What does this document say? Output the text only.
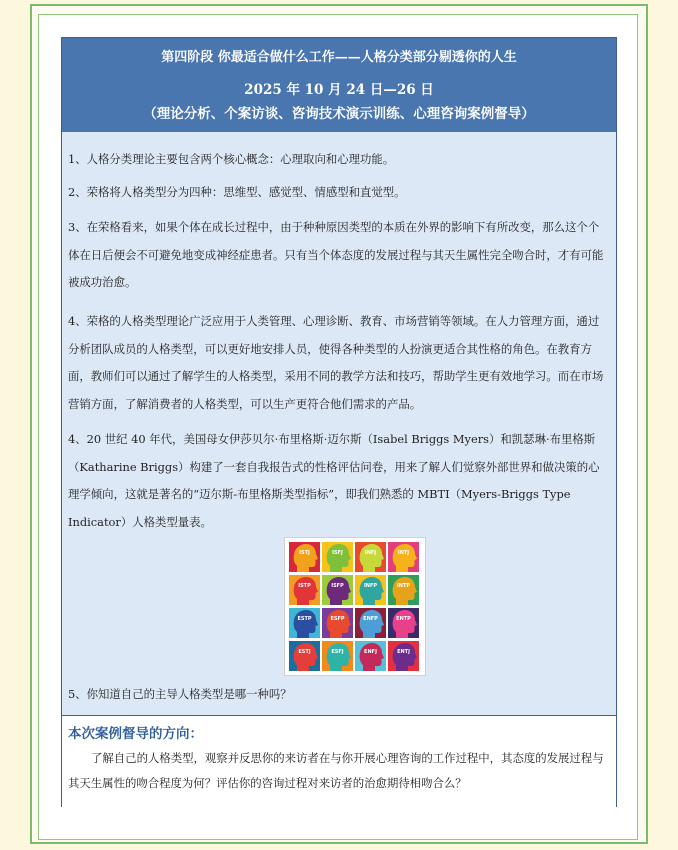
第四阶段 你最适合做什么工作——人格分类部分剔透你的人生
2025 年 10 月 24 日—26 日
（理论分析、个案访谈、咨询技术演示训练、心理咨询案例督导）

1、人格分类理论主要包含两个核心概念：心理取向和心理功能。

2、荣格将人格类型分为四种：思维型、感觉型、情感型和直觉型。

3、在荣格看来，如果个体在成长过程中，由于种种原因类型的本质在外界的影响下有所改变，那么这个个体在日后便会不可避免地变成神经症患者。只有当个体态度的发展过程与其天生属性完全吻合时，才有可能被成功治愈。

4、荣格的人格类型理论广泛应用于人类管理、心理诊断、教育、市场营销等领域。在人力管理方面，通过分析团队成员的人格类型，可以更好地安排人员，使得各种类型的人扮演更适合其性格的角色。在教育方面，教师们可以通过了解学生的人格类型，采用不同的教学方法和技巧，帮助学生更有效地学习。而在市场营销方面，了解消费者的人格类型，可以生产更符合他们需求的产品。

4、20 世纪 40 年代，美国母女伊莎贝尔·布里格斯·迈尔斯（Isabel Briggs Myers）和凯瑟琳·布里格斯（Katharine Briggs）构建了一套自我报告式的性格评估问卷，用来了解人们觉察外部世界和做决策的心理学倾向，这就是著名的“迈尔斯-布里格斯类型指标”，即我们熟悉的 MBTI（Myers-Briggs Type Indicator）人格类型量表。

ISTJ	ISFJ	INFJ	INTJ
ISTP	ISFP	INFP	INTP
ESTP	ESFP	ENFP	ENTP
ESTJ	ESFJ	ENFJ	ENTJ

5、你知道自己的主导人格类型是哪一种吗？

本次案例督导的方向：

了解自己的人格类型，观察并反思你的来访者在与你开展心理咨询的工作过程中，其态度的发展过程与其天生属性的吻合程度为何？评估你的咨询过程对来访者的治愈期待相吻合么？
